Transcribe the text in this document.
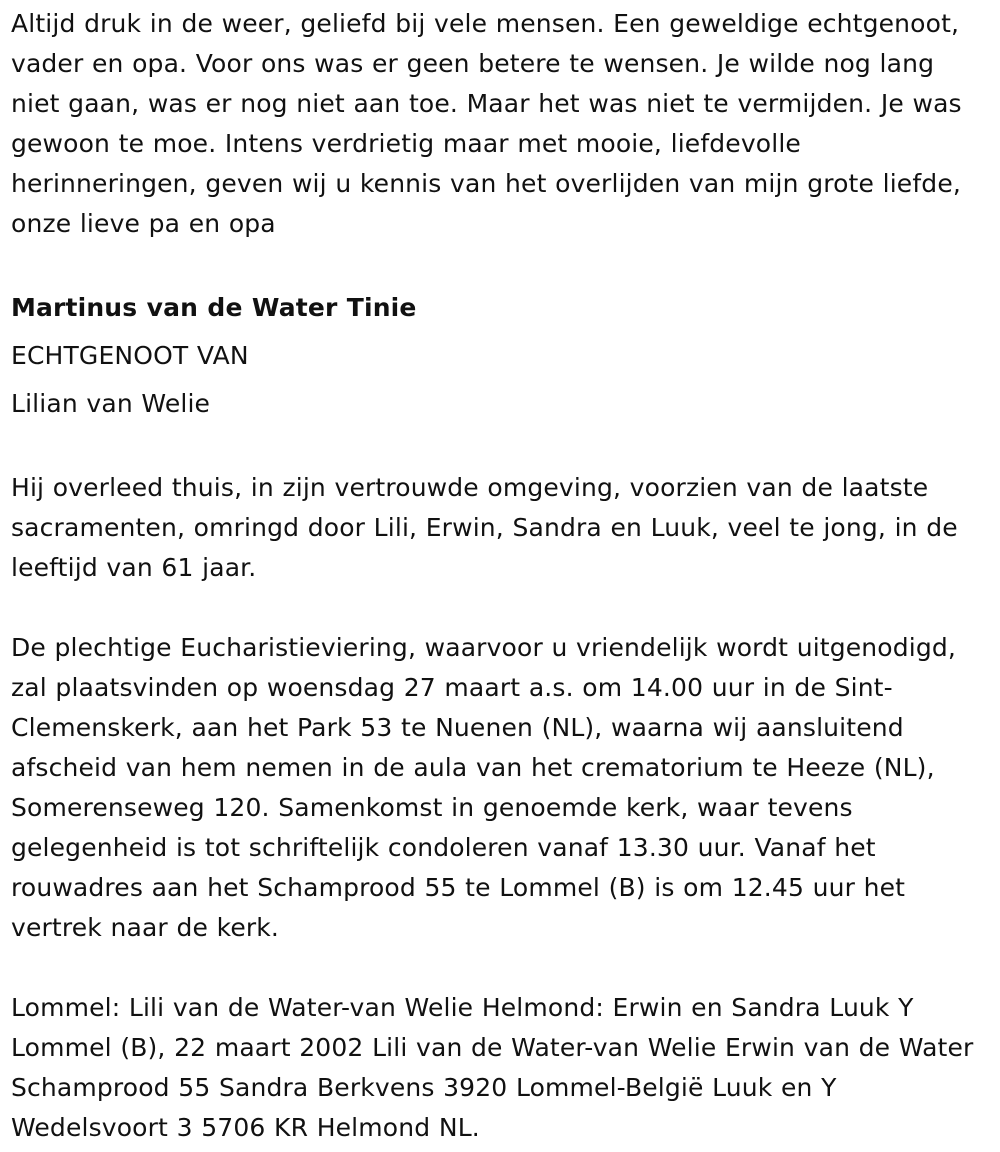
Altijd druk in de weer, geliefd bij vele mensen. Een geweldige echtgenoot, vader en opa. Voor ons was er geen betere te wensen. Je wilde nog lang niet gaan, was er nog niet aan toe. Maar het was niet te vermijden. Je was gewoon te moe. Intens verdrietig maar met mooie, liefdevolle herinneringen, geven wij u kennis van het overlijden van mijn grote liefde, onze lieve pa en opa

Martinus van de Water Tinie

ECHTGENOOT VAN

Lilian van Welie

Hij overleed thuis, in zijn vertrouwde omgeving, voorzien van de laatste sacramenten, omringd door Lili, Erwin, Sandra en Luuk, veel te jong, in de leeftijd van 61 jaar.

De plechtige Eucharistieviering, waarvoor u vriendelijk wordt uitgenodigd, zal plaatsvinden op woensdag 27 maart a.s. om 14.00 uur in de Sint-Clemenskerk, aan het Park 53 te Nuenen (NL), waarna wij aansluitend afscheid van hem nemen in de aula van het crematorium te Heeze (NL), Somerenseweg 120. Samenkomst in genoemde kerk, waar tevens gelegenheid is tot schriftelijk condoleren vanaf 13.30 uur. Vanaf het rouwadres aan het Schamprood 55 te Lommel (B) is om 12.45 uur het vertrek naar de kerk.

Lommel: Lili van de Water-van Welie Helmond: Erwin en Sandra Luuk Y Lommel (B), 22 maart 2002 Lili van de Water-van Welie Erwin van de Water Schamprood 55 Sandra Berkvens 3920 Lommel-België Luuk en Y Wedelsvoort 3 5706 KR Helmond NL.
